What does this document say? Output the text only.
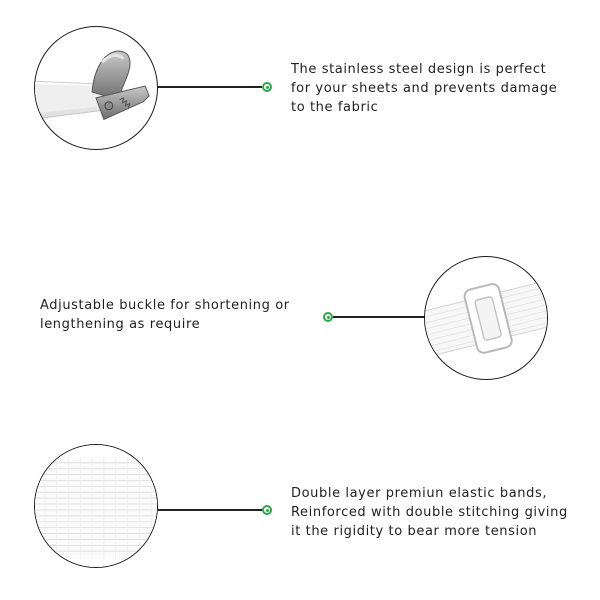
The stainless steel design is perfect
for your sheets and prevents damage
to the fabric
Adjustable buckle for shortening or
lengthening as require
Double layer premiun elastic bands,
Reinforced with double stitching giving
it the rigidity to bear more tension
